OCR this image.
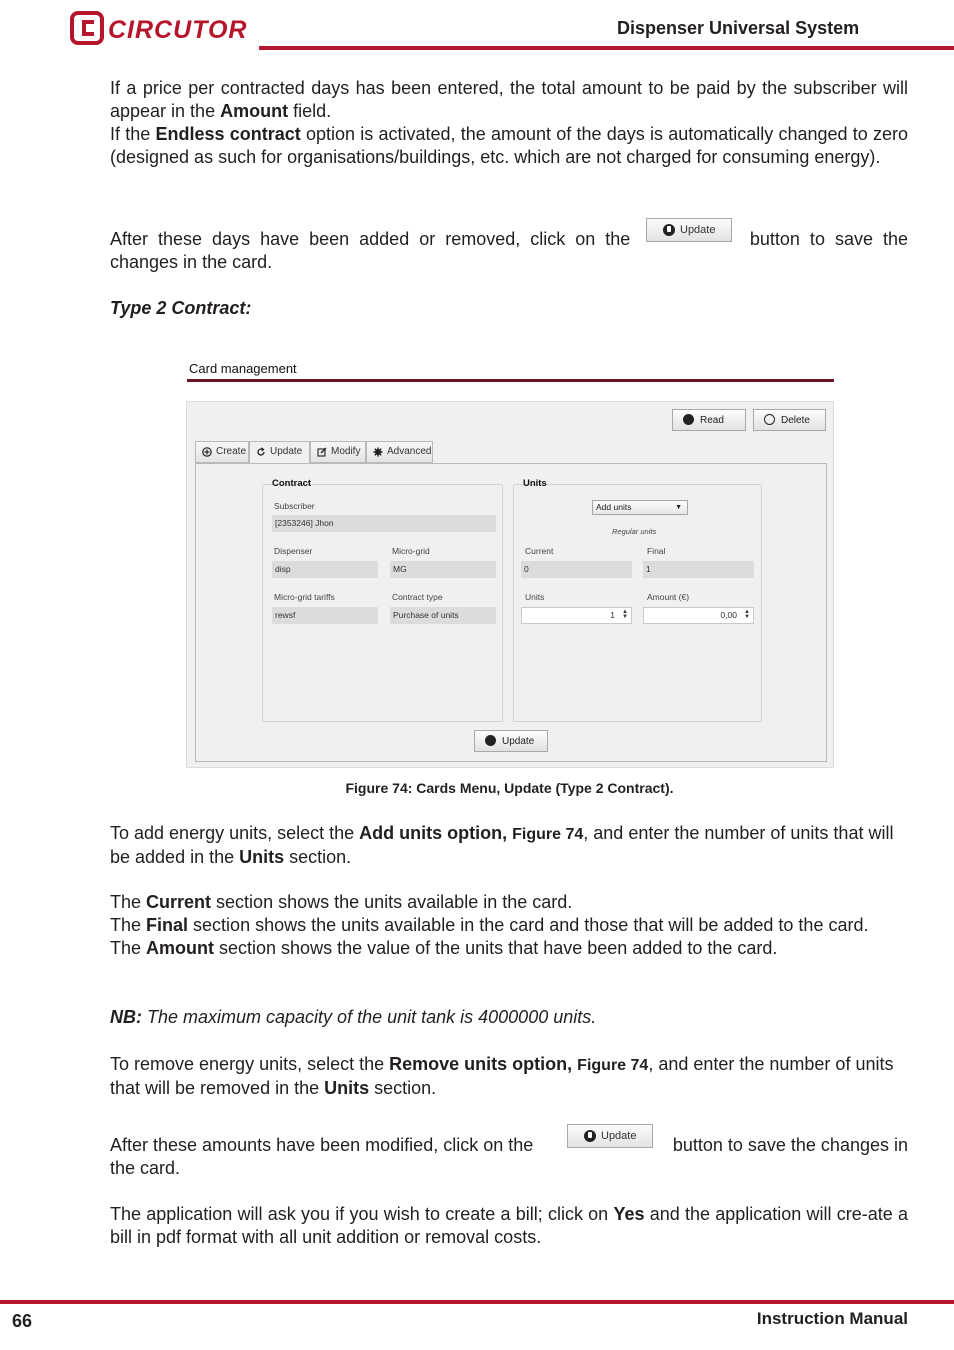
CIRCUTOR	Dispenser Universal System
If a price per contracted days has been entered, the total amount to be paid by the subscriber will appear in the Amount field.
If the Endless contract option is activated, the amount of the days is automatically changed to zero (designed as such for organisations/buildings, etc. which are not charged for consuming energy).
After these days have been added or removed, click on the	button to save the
changes in the card.
Update
Type 2 Contract:
Card management
Read	Delete
Create	Update	Modify	Advanced
Contract
Subscriber
[2353246] Jhon
Dispenser
disp
Micro-grid
MG
Micro-grid tariffs
rewsf
Contract type
Purchase of units
Units
Add units	▼
Regular units
Current
0
Final
1
Units
1 ▲
▼
Amount (€)
0,00 ▲
▼
Update
Figure 74: Cards Menu, Update (Type 2 Contract).
To add energy units, select the Add units option, Figure 74, and enter the number of units that will be added in the Units section.
The Current section shows the units available in the card.
The Final section shows the units available in the card and those that will be added to the card.
The Amount section shows the value of the units that have been added to the card.
NB: The maximum capacity of the unit tank is 4000000 units.
To remove energy units, select the Remove units option, Figure 74, and enter the number of units that will be removed in the Units section.
After these amounts have been modified, click on the	button to save the changes in
the card.
Update
The application will ask you if you wish to create a bill; click on Yes and the application will cre-ate a bill in pdf format with all unit addition or removal costs.
66	Instruction Manual
